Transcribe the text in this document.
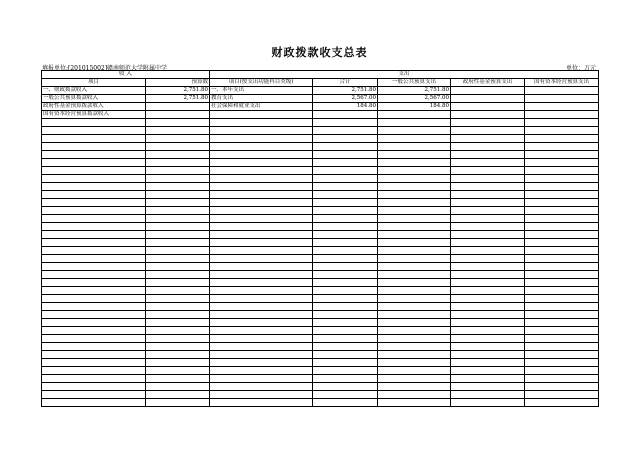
财政拨款收支总表
填报单位:[201015002]赣南师范大学附属中学	单位：万元
收 入		支出				
项目	预算数	项目(按支出功能科目类级)	合计	一般公共预算支出	政府性基金预算支出	国有资本经营预算支出
一、财政拨款收入	2,751.80	一、本年支出	2,751.80	2,751.80		
一般公共预算拨款收入	2,751.80	教育支出	2,567.00	2,567.00		
政府性基金预算拨款收入		社会保障和就业支出	184.80	184.80		
国有资本经营预算拨款收入						
